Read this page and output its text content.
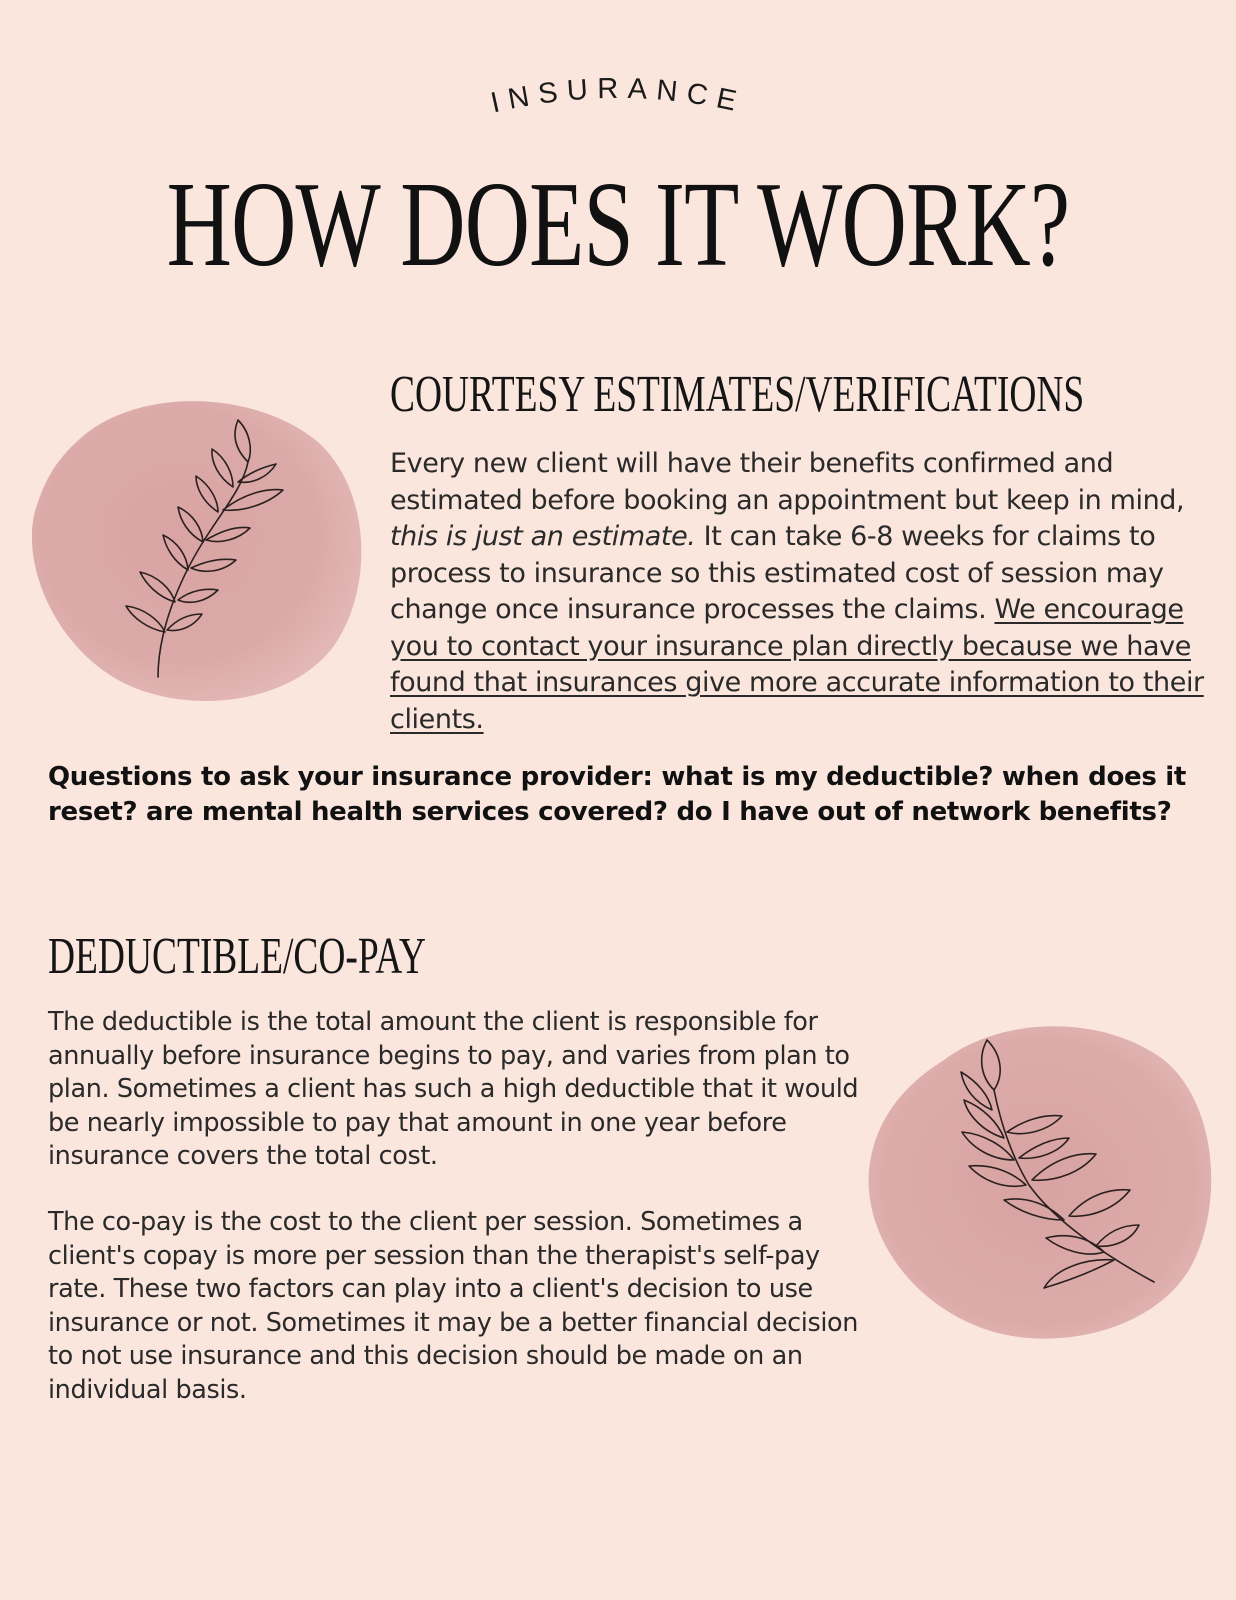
INSURANCE
HOW DOES IT WORK?
COURTESY ESTIMATES/VERIFICATIONS

Every new client will have their benefits confirmed and estimated before booking an appointment but keep in mind, this is just an estimate. It can take 6-8 weeks for claims to process to insurance so this estimated cost of session may change once insurance processes the claims. We encourage you to contact your insurance plan directly because we have found that insurances give more accurate information to their clients.

Questions to ask your insurance provider: what is my deductible? when does it reset? are mental health services covered? do I have out of network benefits?

DEDUCTIBLE/CO-PAY

The deductible is the total amount the client is responsible for annually before insurance begins to pay, and varies from plan to plan. Sometimes a client has such a high deductible that it would be nearly impossible to pay that amount in one year before insurance covers the total cost.

The co-pay is the cost to the client per session. Sometimes a client's copay is more per session than the therapist's self-pay rate. These two factors can play into a client's decision to use insurance or not. Sometimes it may be a better financial decision to not use insurance and this decision should be made on an individual basis.
